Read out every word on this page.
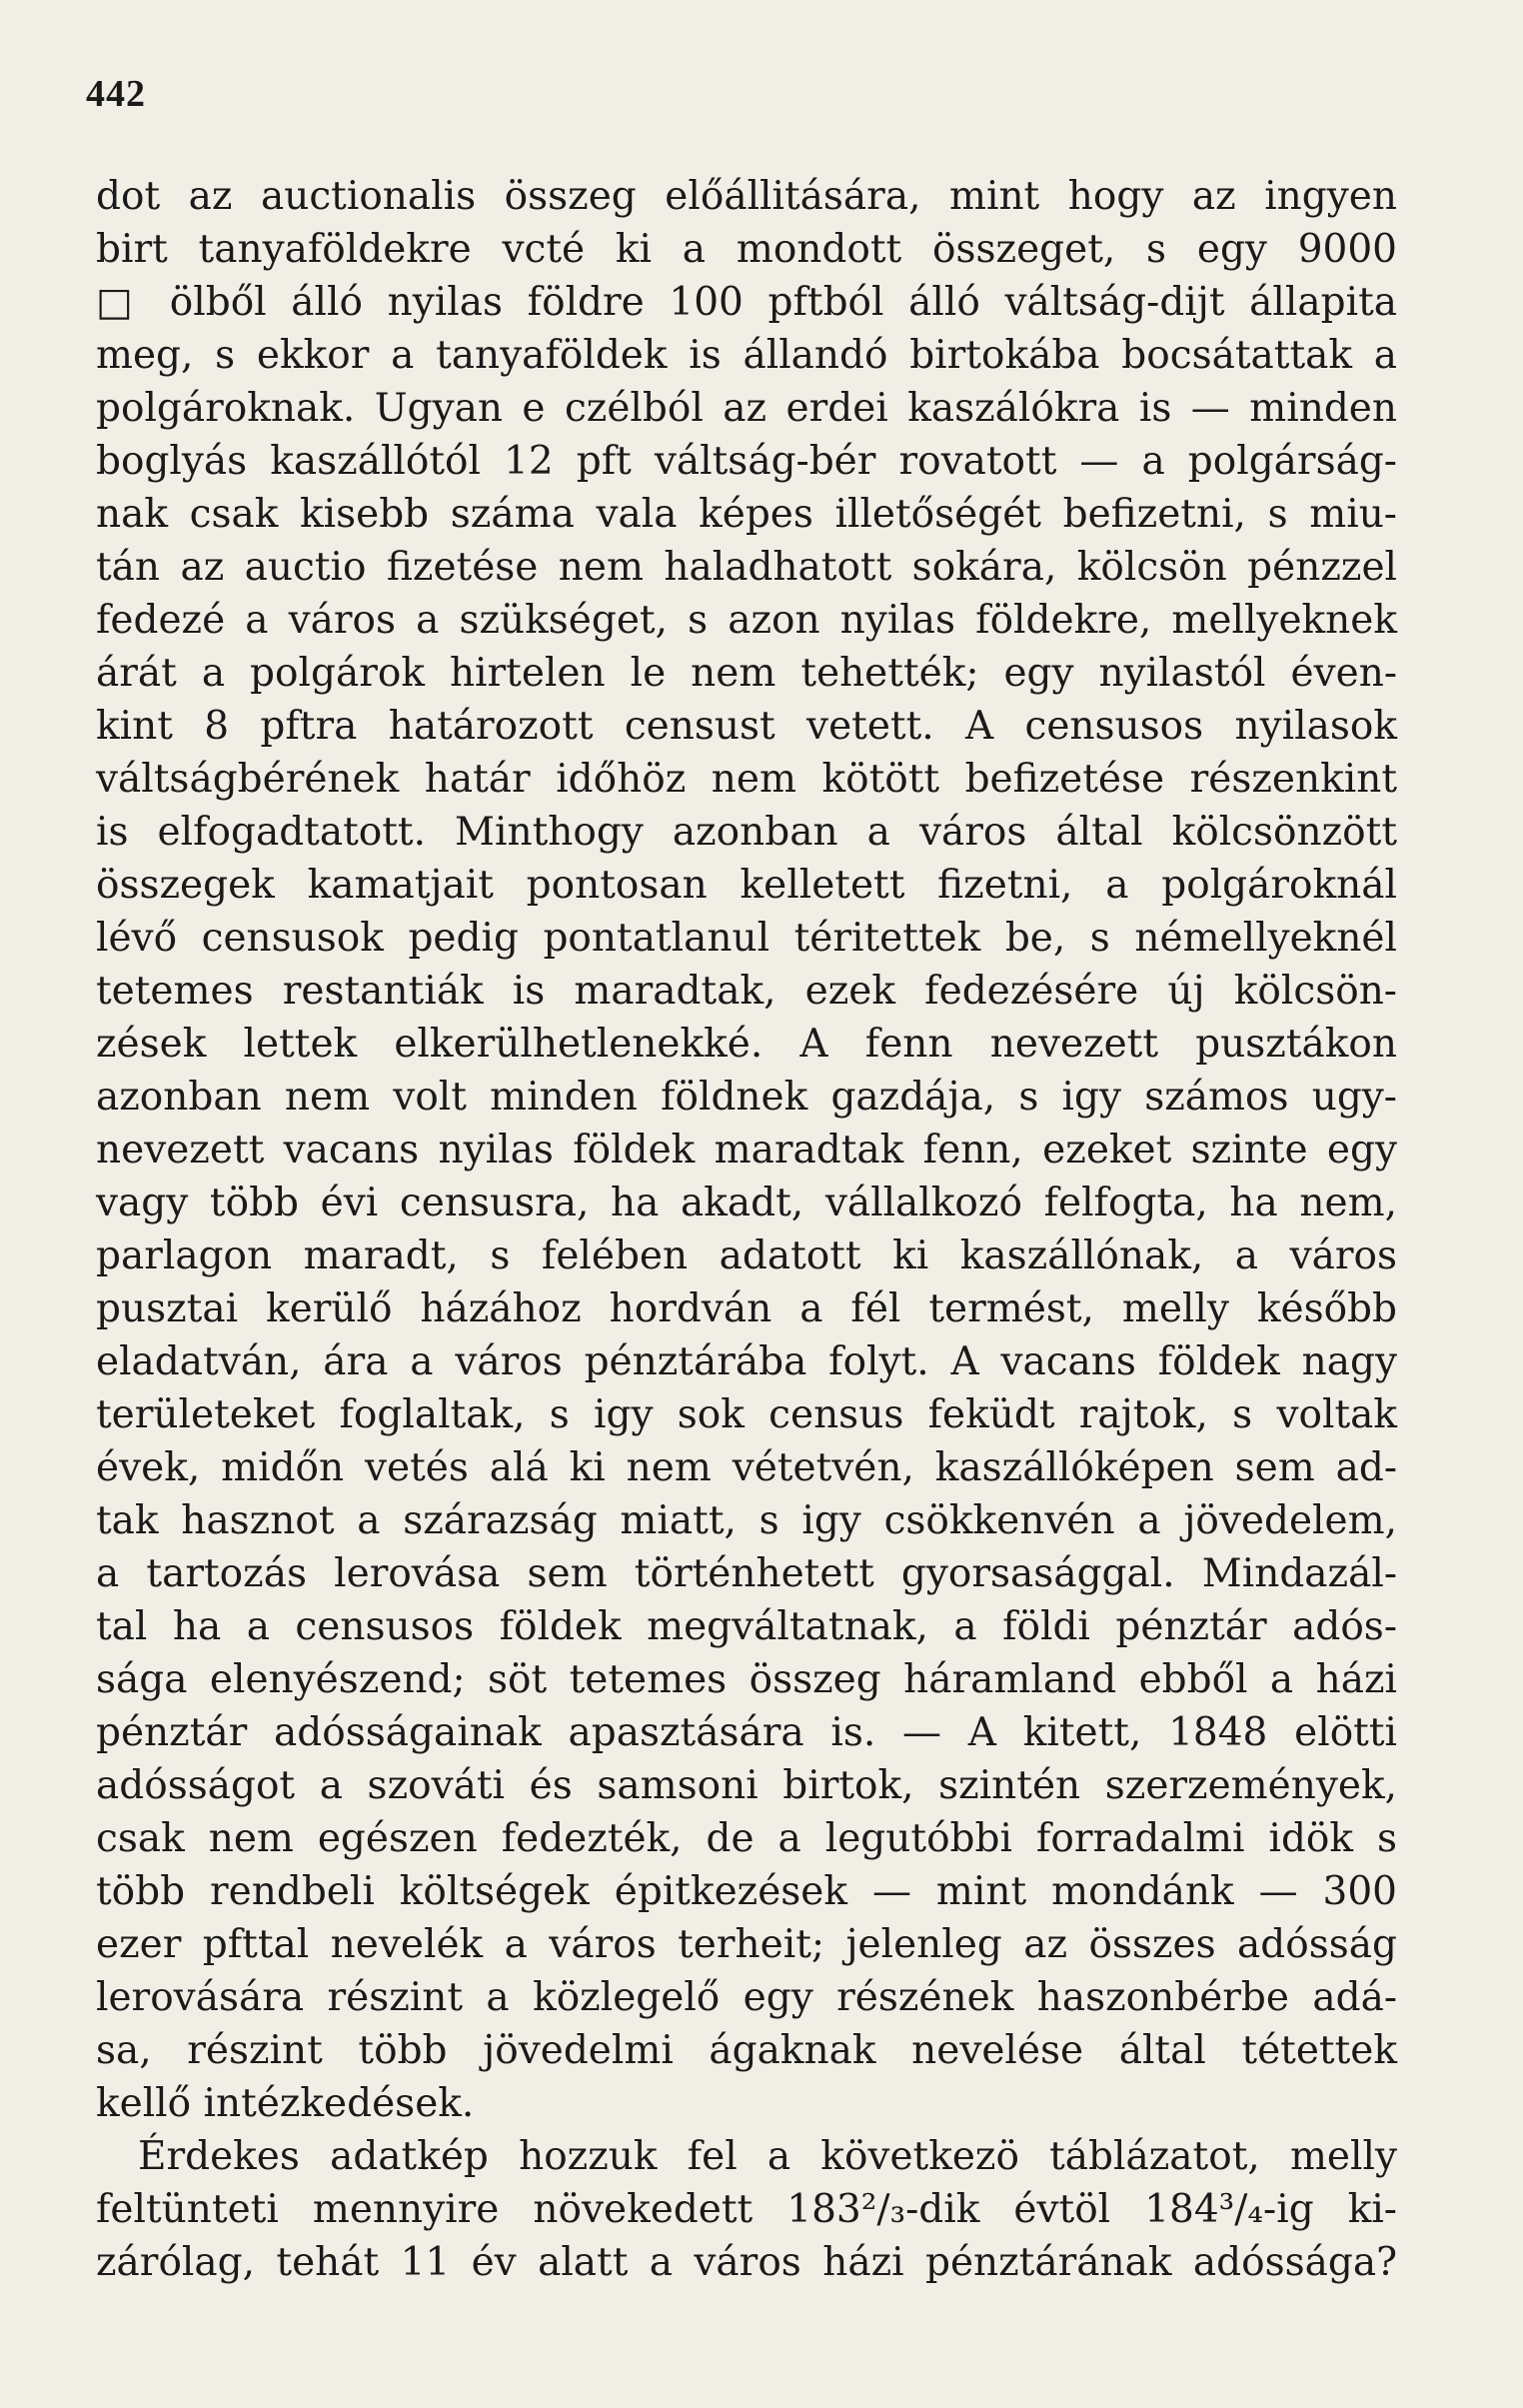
442
dot az auctionalis összeg előállitására, mint hogy az ingyen
birt tanyaföldekre vcté ki a mondott összeget, s egy 9000
□ ölből álló nyilas földre 100 pftból álló váltság-dijt állapita
meg, s ekkor a tanyaföldek is állandó birtokába bocsátattak a
polgároknak. Ugyan e czélból az erdei kaszálókra is — minden
boglyás kaszállótól 12 pft váltság-bér rovatott — a polgárság-
nak csak kisebb száma vala képes illetőségét befizetni, s miu-
tán az auctio fizetése nem haladhatott sokára, kölcsön pénzzel
fedezé a város a szükséget, s azon nyilas földekre, mellyeknek
árát a polgárok hirtelen le nem tehették; egy nyilastól éven-
kint 8 pftra határozott censust vetett. A censusos nyilasok
váltságbérének határ időhöz nem kötött befizetése részenkint
is elfogadtatott. Minthogy azonban a város által kölcsönzött
összegek kamatjait pontosan kelletett fizetni, a polgároknál
lévő censusok pedig pontatlanul téritettek be, s némellyeknél
tetemes restantiák is maradtak, ezek fedezésére új kölcsön-
zések lettek elkerülhetlenekké. A fenn nevezett pusztákon
azonban nem volt minden földnek gazdája, s igy számos ugy-
nevezett vacans nyilas földek maradtak fenn, ezeket szinte egy
vagy több évi censusra, ha akadt, vállalkozó felfogta, ha nem,
parlagon maradt, s felében adatott ki kaszállónak, a város
pusztai kerülő házához hordván a fél termést, melly később
eladatván, ára a város pénztárába folyt. A vacans földek nagy
területeket foglaltak, s igy sok census feküdt rajtok, s voltak
évek, midőn vetés alá ki nem vétetvén, kaszállóképen sem ad-
tak hasznot a szárazság miatt, s igy csökkenvén a jövedelem,
a tartozás lerovása sem történhetett gyorsasággal. Mindazál-
tal ha a censusos földek megváltatnak, a földi pénztár adós-
sága elenyészend; söt tetemes összeg háramland ebből a házi
pénztár adósságainak apasztására is. — A kitett, 1848 elötti
adósságot a szováti és samsoni birtok, szintén szerzemények,
csak nem egészen fedezték, de a legutóbbi forradalmi idök s
több rendbeli költségek épitkezések — mint mondánk — 300
ezer pfttal nevelék a város terheit; jelenleg az összes adósság
lerovására részint a közlegelő egy részének haszonbérbe adá-
sa, részint több jövedelmi ágaknak nevelése által tétettek
kellő intézkedések.
Érdekes adatkép hozzuk fel a következö táblázatot, melly
feltünteti mennyire növekedett 183²/₃-dik évtöl 184³/₄-ig ki-
zárólag, tehát 11 év alatt a város házi pénztárának adóssága?
